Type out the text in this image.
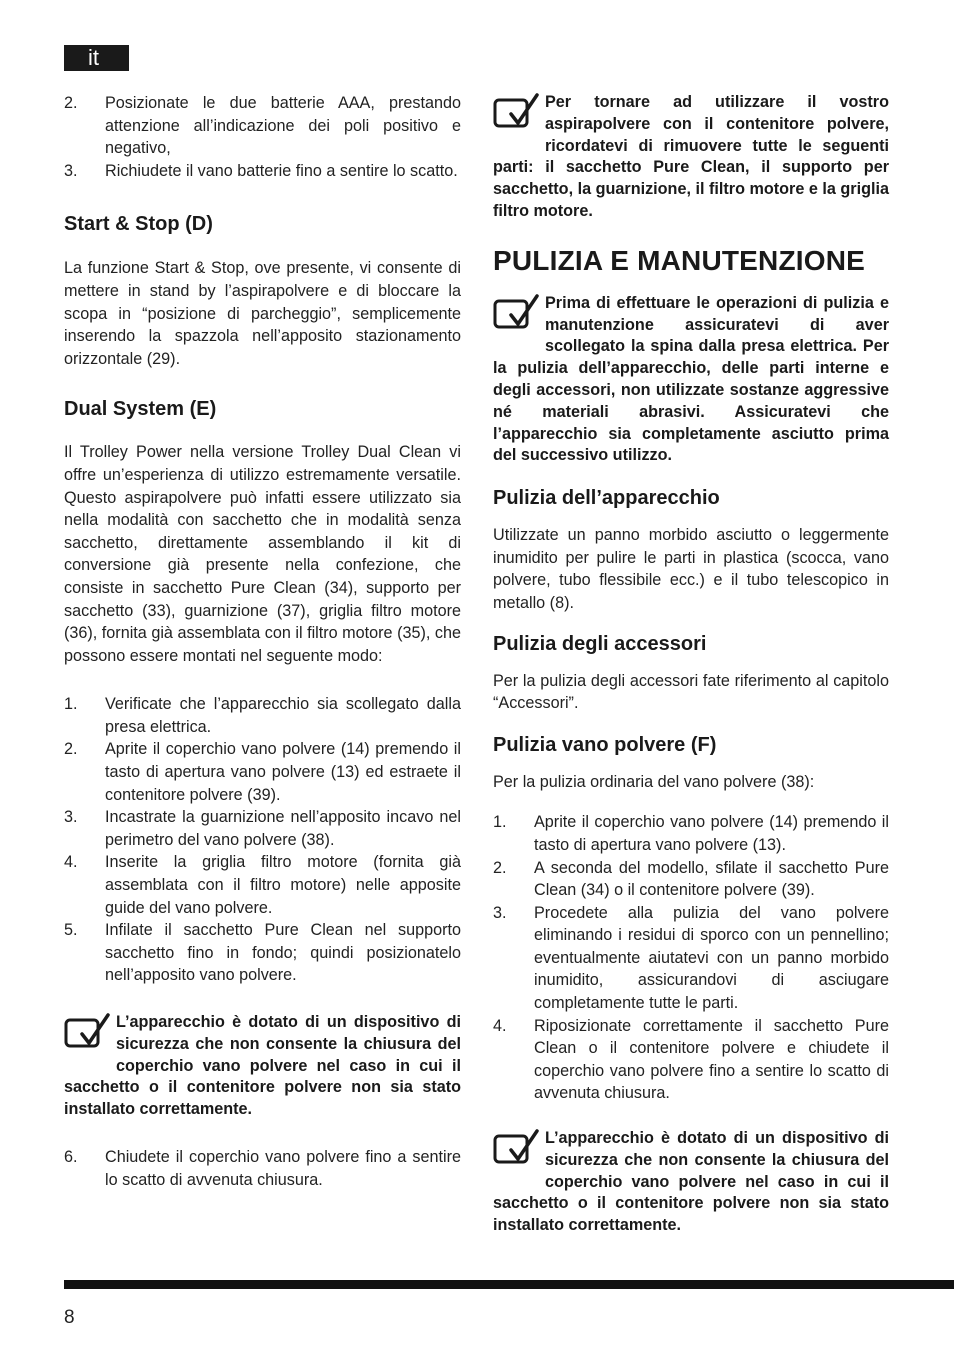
it
2.	Posizionate le due batterie AAA, prestando attenzione all’indicazione dei poli positivo e negativo,
3.	Richiudete il vano batterie fino a sentire lo scatto.
Start & Stop (D)

La funzione Start & Stop, ove presente, vi consente di mettere in stand by l’aspirapolvere e di bloccare la scopa in “posizione di parcheggio”, semplicemente inserendo la spazzola nell’apposito stazionamento orizzontale (29).

Dual System (E)

Il Trolley Power nella versione Trolley Dual Clean vi offre un’esperienza di utilizzo estremamente versatile. Questo aspirapolvere può infatti essere utilizzato sia nella modalità con sacchetto che in modalità senza sacchetto, direttamente assemblando il kit di conversione già presente nella confezione, che consiste in sacchetto Pure Clean (34), supporto per sacchetto (33), guarnizione (37), griglia filtro motore (36), fornita già assemblata con il filtro motore (35), che possono essere montati nel seguente modo:

1.	Verificate che l’apparecchio sia scollegato dalla presa elettrica.
2.	Aprite il coperchio vano polvere (14) premendo il tasto di apertura vano polvere (13) ed estraete il contenitore polvere (39).
3.	Incastrate la guarnizione nell’apposito incavo nel perimetro del vano polvere (38).
4.	Inserite la griglia filtro motore (fornita già assemblata con il filtro motore) nelle apposite guide del vano polvere.
5.	Infilate il sacchetto Pure Clean nel supporto sacchetto fino in fondo; quindi posizionatelo nell’apposito vano polvere.

L’apparecchio è dotato di un dispositivo di sicurezza che non consente la chiusura del coperchio vano polvere nel caso in cui il sacchetto o il contenitore polvere non sia stato installato correttamente.

6.	Chiudete il coperchio vano polvere fino a sentire lo scatto di avvenuta chiusura.

Per tornare ad utilizzare il vostro aspirapolvere con il contenitore polvere, ricordatevi di rimuovere tutte le seguenti parti: il sacchetto Pure Clean, il supporto per sacchetto, la guarnizione, il filtro motore e la griglia filtro motore.

PULIZIA E MANUTENZIONE

Prima di effettuare le operazioni di pulizia e manutenzione assicuratevi di aver scollegato la spina dalla presa elettrica. Per la pulizia dell’apparecchio, delle parti interne e degli accessori, non utilizzate sostanze aggressive né materiali abrasivi. Assicuratevi che l’apparecchio sia completamente asciutto prima del successivo utilizzo.

Pulizia dell’apparecchio

Utilizzate un panno morbido asciutto o leggermente inumidito per pulire le parti in plastica (scocca, vano polvere, tubo flessibile ecc.) e il tubo telescopico in metallo (8).

Pulizia degli accessori

Per la pulizia degli accessori fate riferimento al capitolo “Accessori”.

Pulizia vano polvere (F)

Per la pulizia ordinaria del vano polvere (38):

1.	Aprite il coperchio vano polvere (14) premendo il tasto di apertura vano polvere (13).
2.	A seconda del modello, sfilate il sacchetto Pure Clean (34) o il contenitore polvere (39).
3.	Procedete alla pulizia del vano polvere eliminando i residui di sporco con un pennellino; eventualmente aiutatevi con un panno morbido inumidito, assicurandovi di asciugare completamente tutte le parti.
4.	Riposizionate correttamente il sacchetto Pure Clean o il contenitore polvere e chiudete il coperchio vano polvere fino a sentire lo scatto di avvenuta chiusura.

L’apparecchio è dotato di un dispositivo di sicurezza che non consente la chiusura del coperchio vano polvere nel caso in cui il sacchetto o il contenitore polvere non sia stato installato correttamente.

8
